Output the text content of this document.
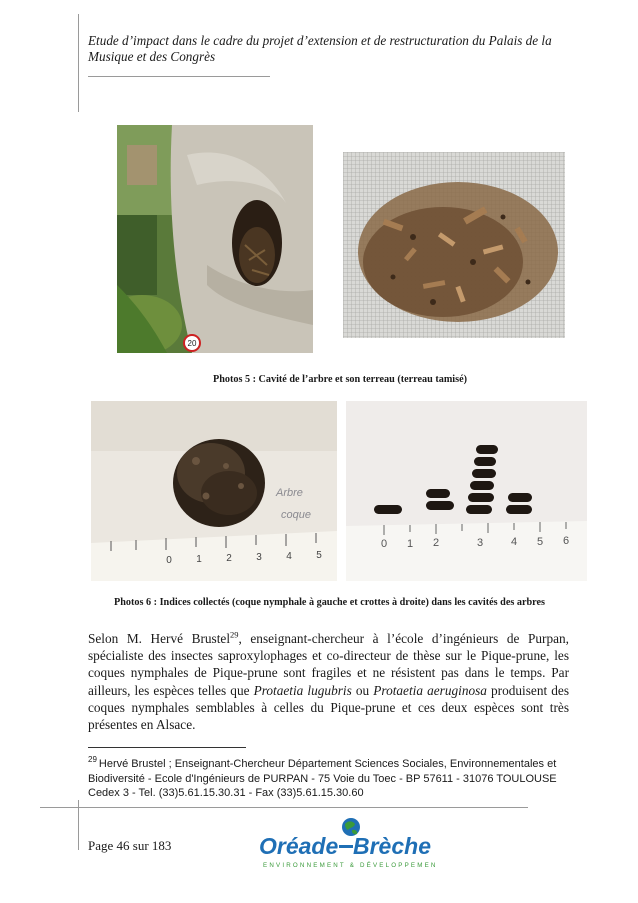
Etude d’impact dans le cadre du projet d’extension et de restructuration du Palais de la Musique et des Congrès
20
Photos 5 : Cavité de l’arbre et son terreau (terreau tamisé)
0 1 2 3 4 5
Arbre
coque
0 1 2	3	4 5 6
Photos 6 : Indices collectés (coque nymphale à gauche et crottes à droite) dans les cavités des arbres
Selon M. Hervé Brustel$^{29}$, enseignant-chercheur à l’école d’ingénieurs de Purpan, spécialiste des insectes saproxylophages et co-directeur de thèse sur le Pique-prune, les coques nymphales de Pique-prune sont fragiles et ne résistent pas dans le temps. Par ailleurs, les espèces telles que Protaetia lugubris ou Protaetia aeruginosa produisent des coques nymphales semblables à celles du Pique-prune et ces deux espèces sont très présentes en Alsace.
$^{29}$ Hervé Brustel ; Enseignant-Chercheur Département Sciences Sociales, Environnementales et Biodiversité - Ecole d'Ingénieurs de PURPAN - 75 Voie du Toec - BP 57611 - 31076 TOULOUSE Cedex 3 - Tel. (33)5.61.15.30.31 - Fax (33)5.61.15.30.60
Page 46 sur 183	Oréade Brèche
ENVIRONNEMENT & DÉVELOPPEMENT
